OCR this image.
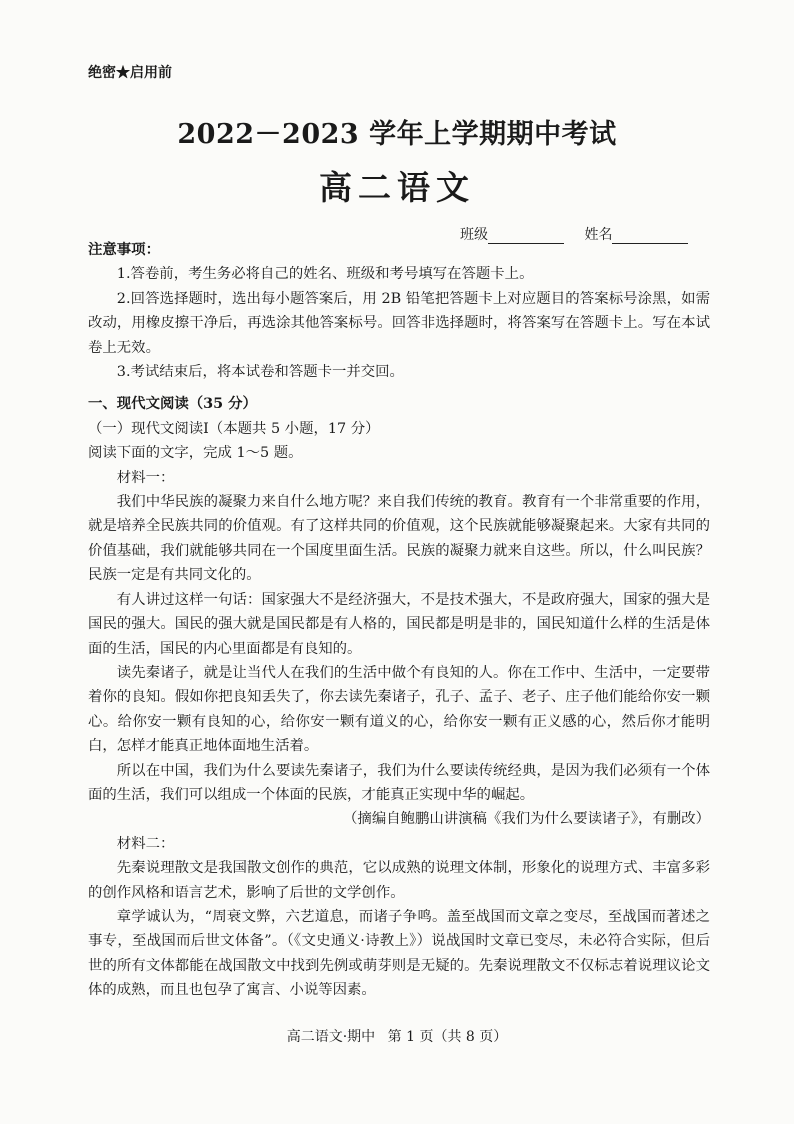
绝密★启用前
2022－2023 学年上学期期中考试
高二语文
班级	姓名

注意事项：

1.答卷前，考生务必将自己的姓名、班级和考号填写在答题卡上。

2.回答选择题时，选出每小题答案后，用 2B 铅笔把答题卡上对应题目的答案标号涂黑，如需改动，用橡皮擦干净后，再选涂其他答案标号。回答非选择题时，将答案写在答题卡上。写在本试卷上无效。

3.考试结束后，将本试卷和答题卡一并交回。

一、现代文阅读（35 分）

（一）现代文阅读Ⅰ（本题共 5 小题，17 分）

阅读下面的文字，完成 1～5 题。

材料一：

我们中华民族的凝聚力来自什么地方呢？来自我们传统的教育。教育有一个非常重要的作用，就是培养全民族共同的价值观。有了这样共同的价值观，这个民族就能够凝聚起来。大家有共同的价值基础，我们就能够共同在一个国度里面生活。民族的凝聚力就来自这些。所以，什么叫民族？民族一定是有共同文化的。

有人讲过这样一句话：国家强大不是经济强大，不是技术强大，不是政府强大，国家的强大是国民的强大。国民的强大就是国民都是有人格的，国民都是明是非的，国民知道什么样的生活是体面的生活，国民的内心里面都是有良知的。

读先秦诸子，就是让当代人在我们的生活中做个有良知的人。你在工作中、生活中，一定要带着你的良知。假如你把良知丢失了，你去读先秦诸子，孔子、孟子、老子、庄子他们能给你安一颗心。给你安一颗有良知的心，给你安一颗有道义的心，给你安一颗有正义感的心，然后你才能明白，怎样才能真正地体面地生活着。

所以在中国，我们为什么要读先秦诸子，我们为什么要读传统经典，是因为我们必须有一个体面的生活，我们可以组成一个体面的民族，才能真正实现中华的崛起。

（摘编自鲍鹏山讲演稿《我们为什么要读诸子》，有删改）

材料二：

先秦说理散文是我国散文创作的典范，它以成熟的说理文体制，形象化的说理方式、丰富多彩的创作风格和语言艺术，影响了后世的文学创作。

章学诚认为，“周衰文弊，六艺道息，而诸子争鸣。盖至战国而文章之变尽，至战国而著述之事专，至战国而后世文体备”。（《文史通义·诗教上》）说战国时文章已变尽，未必符合实际，但后世的所有文体都能在战国散文中找到先例或萌芽则是无疑的。先秦说理散文不仅标志着说理议论文体的成熟，而且也包孕了寓言、小说等因素。

高二语文·期中 第 1 页（共 8 页）
